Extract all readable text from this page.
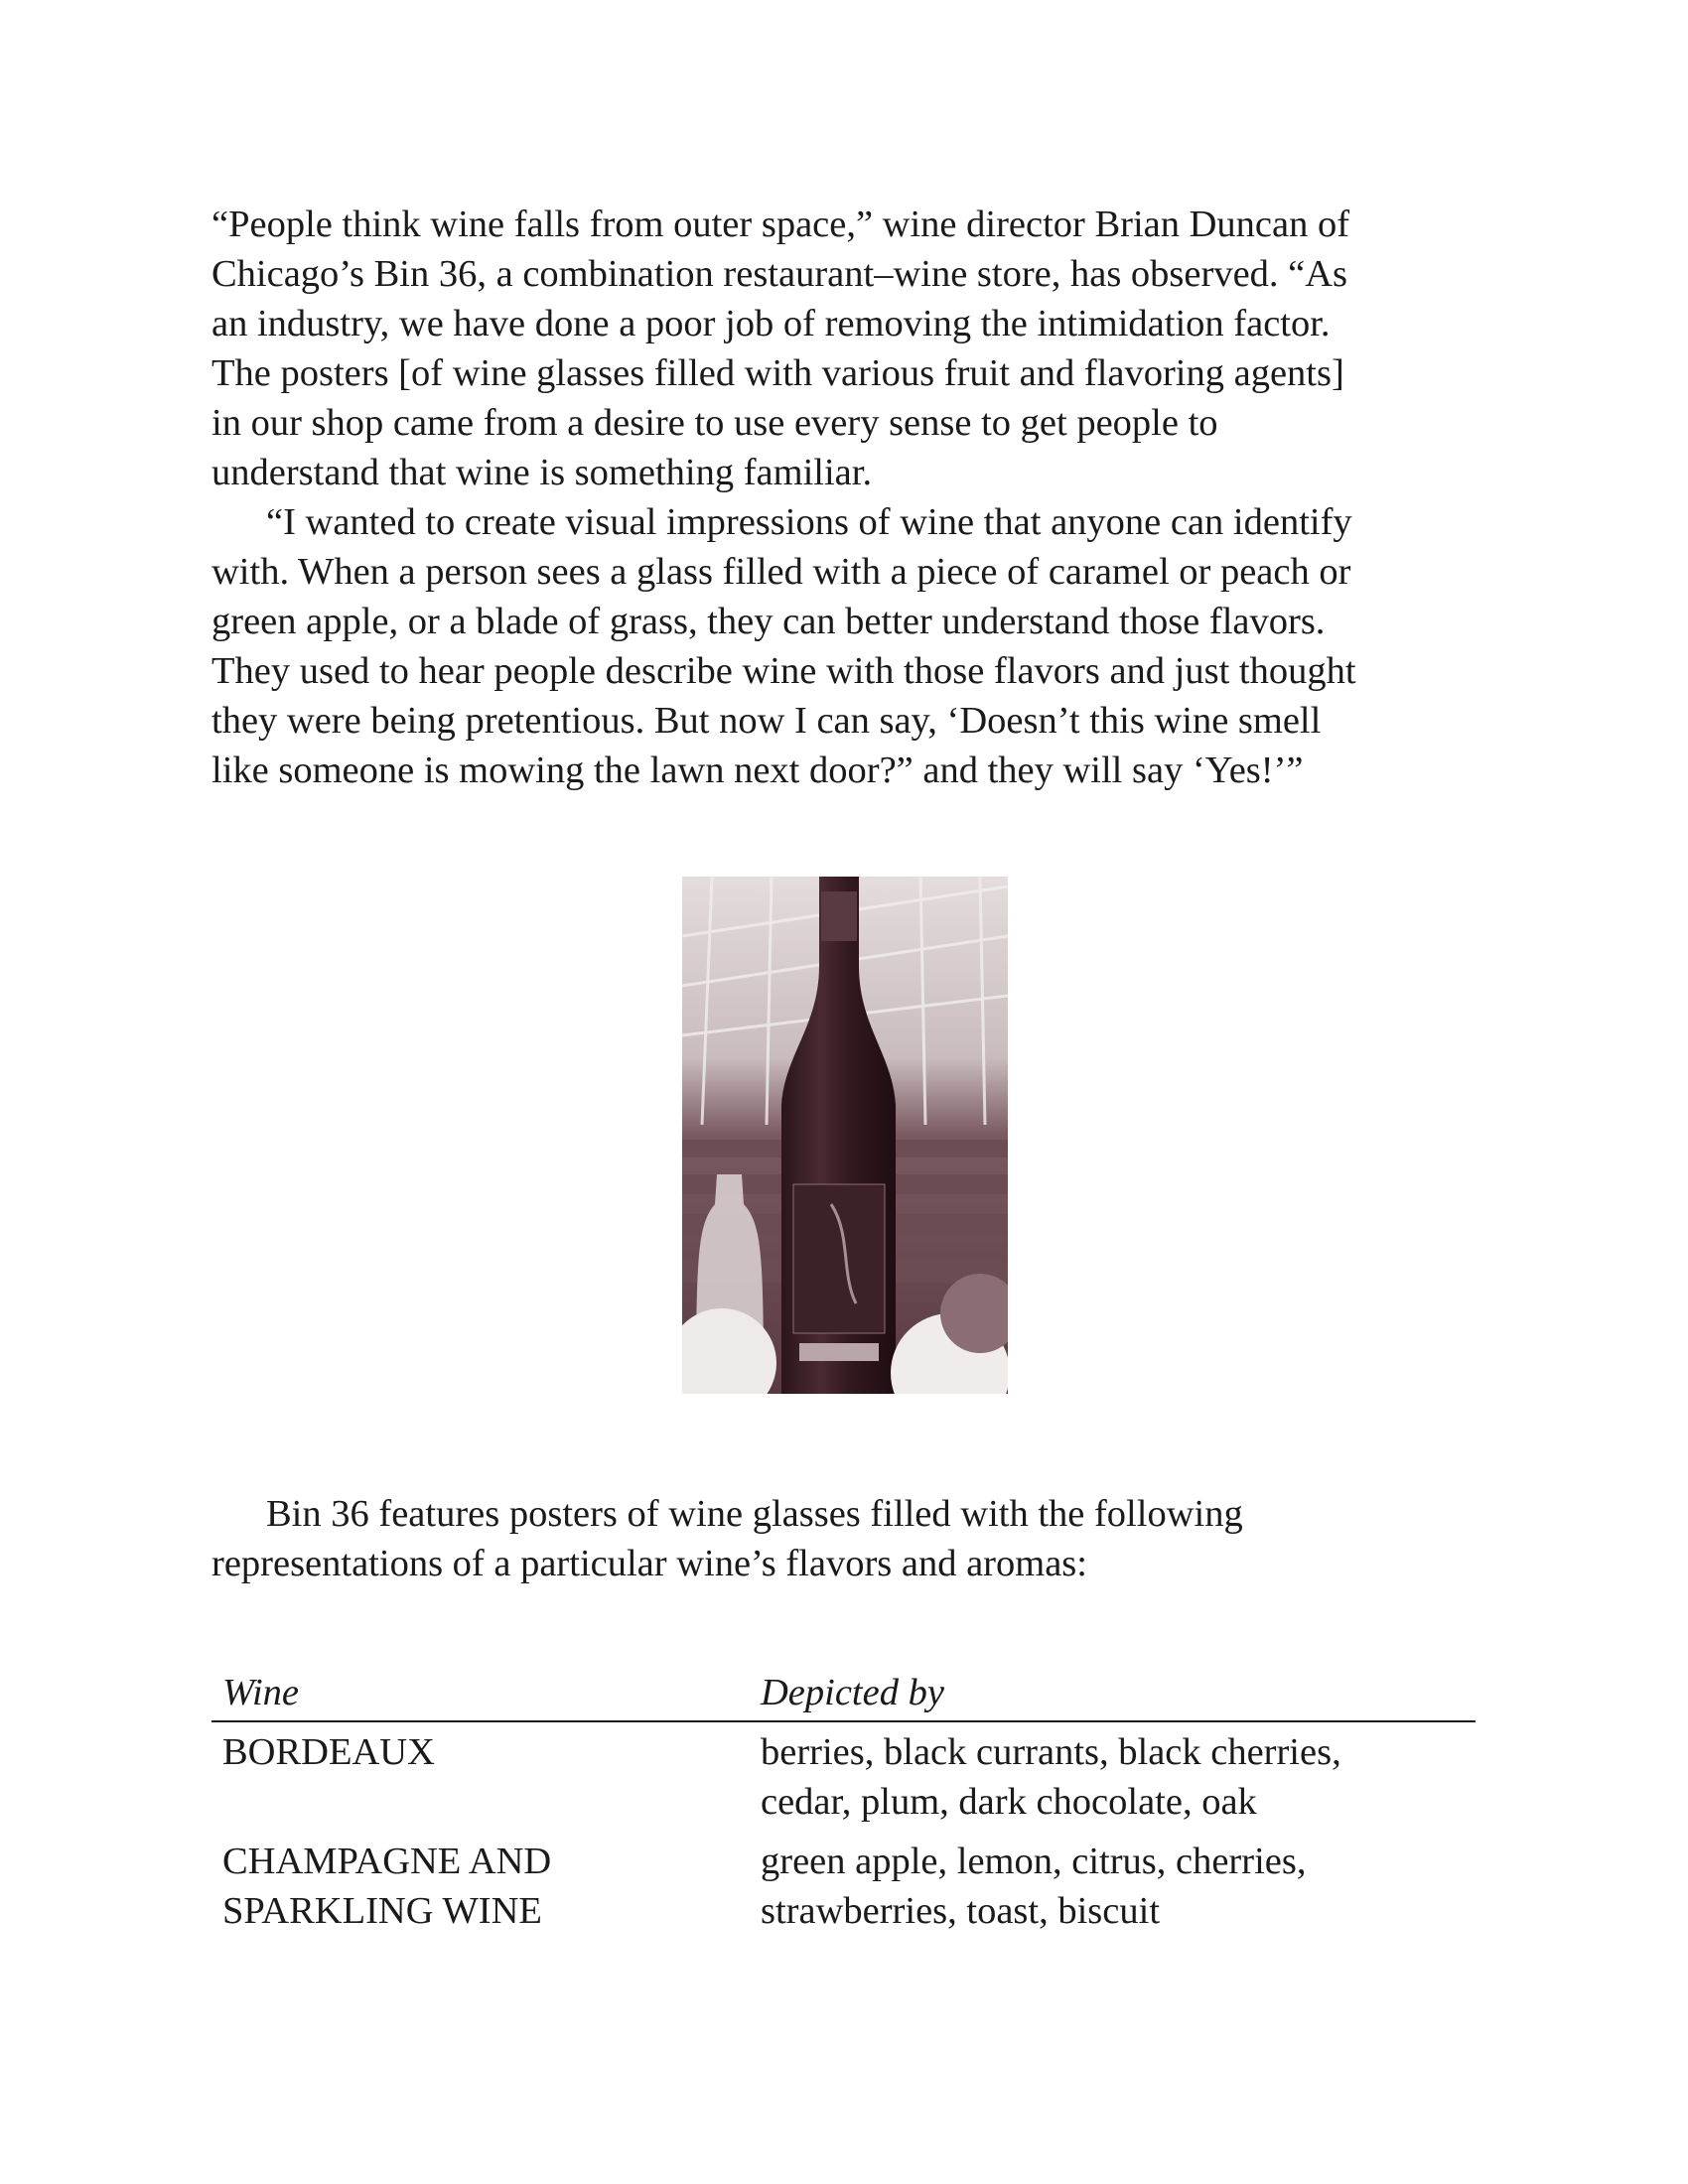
“People think wine falls from outer space,” wine director Brian Duncan of
Chicago’s Bin 36, a combination restaurant–wine store, has observed. “As
an industry, we have done a poor job of removing the intimidation factor.
The posters [of wine glasses filled with various fruit and flavoring agents]
in our shop came from a desire to use every sense to get people to
understand that wine is something familiar.

“I wanted to create visual impressions of wine that anyone can identify
with. When a person sees a glass filled with a piece of caramel or peach or
green apple, or a blade of grass, they can better understand those flavors.
They used to hear people describe wine with those flavors and just thought
they were being pretentious. But now I can say, ‘Doesn’t this wine smell
like someone is mowing the lawn next door?” and they will say ‘Yes!’”

Bin 36 features posters of wine glasses filled with the following
representations of a particular wine’s flavors and aromas:

Wine	Depicted by
BORDEAUX	berries, black currants, black cherries,
cedar, plum, dark chocolate, oak
CHAMPAGNE AND
SPARKLING WINE
green apple, lemon, citrus, cherries,
strawberries, toast, biscuit
